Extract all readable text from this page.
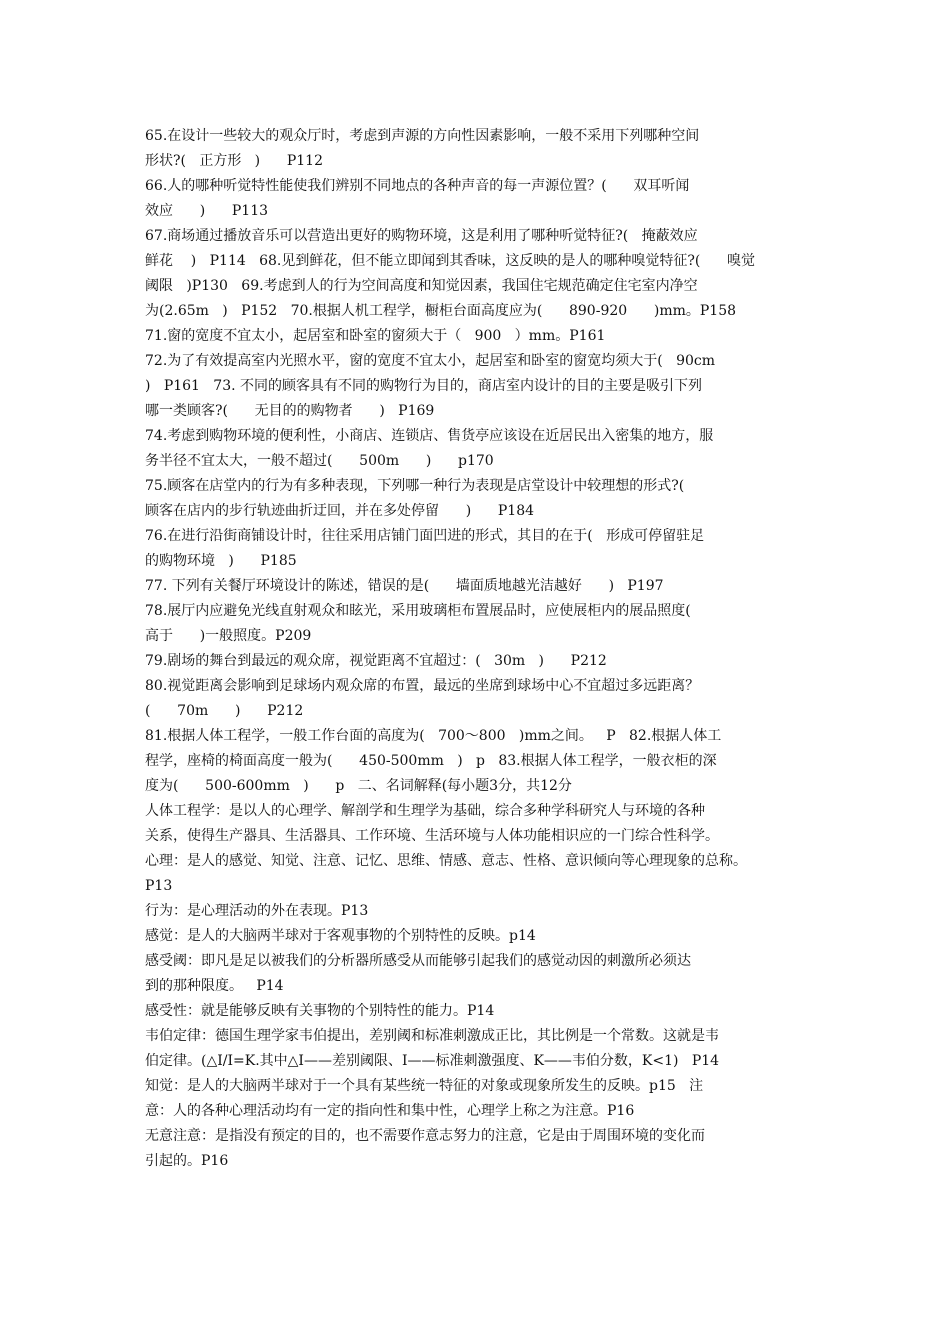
65.在设计一些较大的观众厅时，考虑到声源的方向性因素影响，一般不采用下列哪种空间
形状?(   正方形   )      P112
66.人的哪种听觉特性能使我们辨别不同地点的各种声音的每一声源位置？(      双耳听闻
效应      )      P113
67.商场通过播放音乐可以营造出更好的购物环境，这是利用了哪种听觉特征?(   掩蔽效应
鲜花    )   P114   68.见到鲜花，但不能立即闻到其香味，这反映的是人的哪种嗅觉特征?(      嗅觉
阈限   )P130   69.考虑到人的行为空间高度和知觉因素，我国住宅规范确定住宅室内净空
为(2.65m   )   P152   70.根据人机工程学，橱柜台面高度应为(      890-920      )mm。P158
71.窗的宽度不宜太小，起居室和卧室的窗须大于（   900   ）mm。P161
72.为了有效提高室内光照水平，窗的宽度不宜太小，起居室和卧室的窗宽均须大于(   90cm
)   P161   73. 不同的顾客具有不同的购物行为目的，商店室内设计的目的主要是吸引下列
哪一类顾客?(      无目的的购物者      )   P169
74.考虑到购物环境的便利性，小商店、连锁店、售货亭应该设在近居民出入密集的地方，服
务半径不宜太大，一般不超过(      500m      )      p170
75.顾客在店堂内的行为有多种表现，下列哪一种行为表现是店堂设计中较理想的形式?(
顾客在店内的步行轨迹曲折迂回，并在多处停留      )      P184
76.在进行沿街商铺设计时，往往采用店铺门面凹进的形式，其目的在于(   形成可停留驻足
的购物环境   )      P185
77. 下列有关餐厅环境设计的陈述，错误的是(      墙面质地越光洁越好      )   P197
78.展厅内应避免光线直射观众和眩光，采用玻璃柜布置展品时，应使展柜内的展品照度(
高于      )一般照度。P209
79.剧场的舞台到最远的观众席，视觉距离不宜超过：(   30m   )      P212
80.视觉距离会影响到足球场内观众席的布置，最远的坐席到球场中心不宜超过多远距离？
(      70m      )      P212
81.根据人体工程学，一般工作台面的高度为(   700～800   )mm之间。   P   82.根据人体工
程学，座椅的椅面高度一般为(      450-500mm   )   p   83.根据人体工程学，一般衣柜的深
度为(      500-600mm   )      p   二、名词解释(每小题3分，共12分
人体工程学：是以人的心理学、解剖学和生理学为基础，综合多种学科研究人与环境的各种
关系，使得生产器具、生活器具、工作环境、生活环境与人体功能相识应的一门综合性科学。
心理：是人的感觉、知觉、注意、记忆、思维、情感、意志、性格、意识倾向等心理现象的总称。
P13
行为：是心理活动的外在表现。P13
感觉：是人的大脑两半球对于客观事物的个别特性的反映。p14
感受阈：即凡是足以被我们的分析器所感受从而能够引起我们的感觉动因的刺激所必须达
到的那种限度。   P14
感受性：就是能够反映有关事物的个别特性的能力。P14
韦伯定律：德国生理学家韦伯提出，差别阈和标准刺激成正比，其比例是一个常数。这就是韦
伯定律。(△I/I=K.其中△I——差别阈限、I——标准刺激强度、K——韦伯分数，K<1)   P14
知觉：是人的大脑两半球对于一个具有某些统一特征的对象或现象所发生的反映。p15   注
意：人的各种心理活动均有一定的指向性和集中性，心理学上称之为注意。P16
无意注意：是指没有预定的目的，也不需要作意志努力的注意，它是由于周围环境的变化而
引起的。P16
